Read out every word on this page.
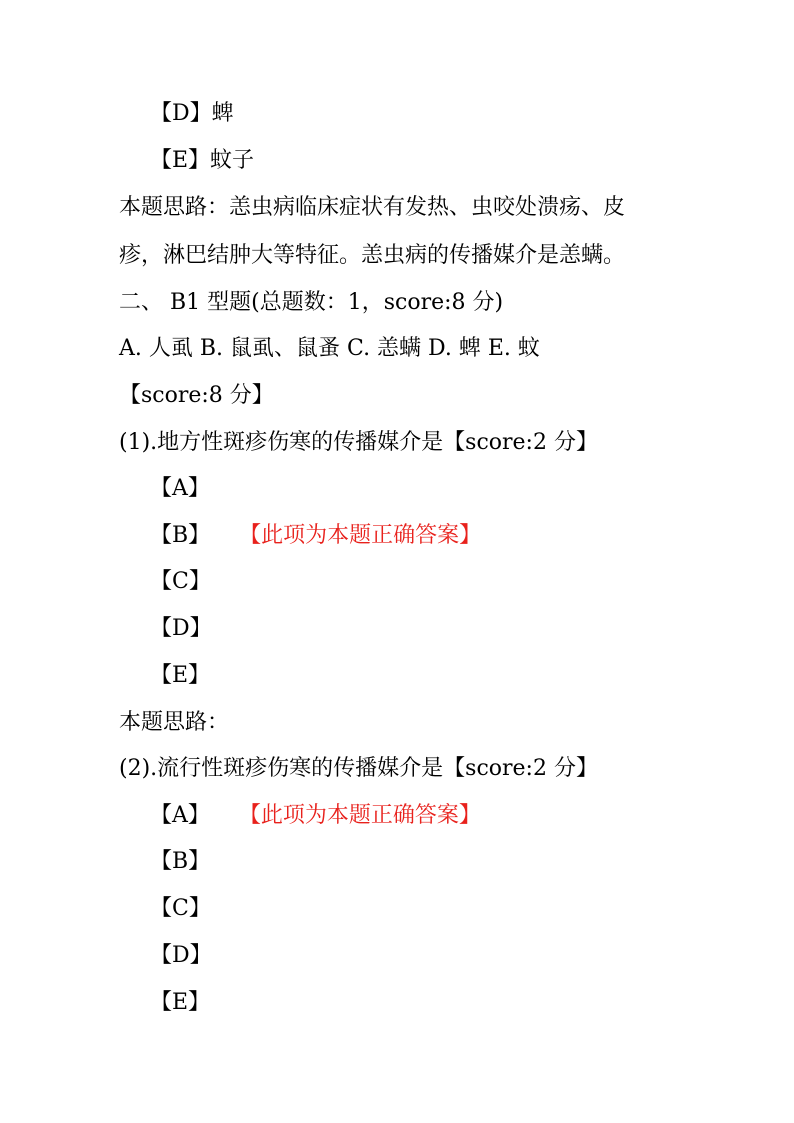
【D】蜱
【E】蚊子
本题思路：恙虫病临床症状有发热、虫咬处溃疡、皮
疹，淋巴结肿大等特征。恙虫病的传播媒介是恙螨。
二、 B1 型题(总题数：1，score:8 分)
A. 人虱 B. 鼠虱、鼠蚤 C. 恙螨 D. 蜱 E. 蚊
【score:8 分】
(1).地方性斑疹伤寒的传播媒介是【score:2 分】
【A】
【B】 【此项为本题正确答案】
【C】
【D】
【E】
本题思路：
(2).流行性斑疹伤寒的传播媒介是【score:2 分】
【A】 【此项为本题正确答案】
【B】
【C】
【D】
【E】
